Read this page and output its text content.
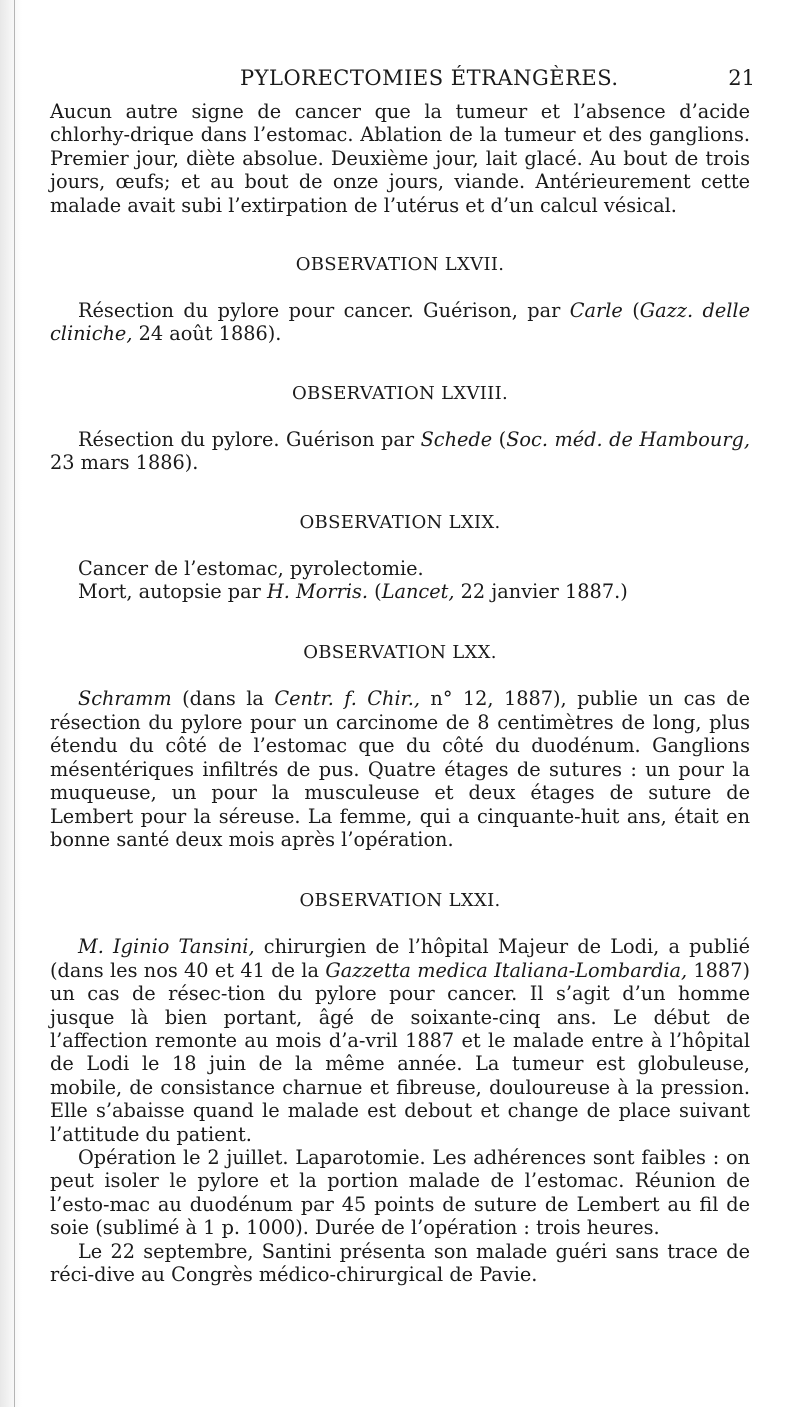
PYLORECTOMIES ÉTRANGÈRES.	21

Aucun autre signe de cancer que la tumeur et l’absence d’acide chlorhy-drique dans l’estomac. Ablation de la tumeur et des ganglions. Premier jour, diète absolue. Deuxième jour, lait glacé. Au bout de trois jours, œufs; et au bout de onze jours, viande. Antérieurement cette malade avait subi l’extirpation de l’utérus et d’un calcul vésical.

OBSERVATION LXVII.

Résection du pylore pour cancer. Guérison, par Carle (Gazz. delle cliniche, 24 août 1886).

OBSERVATION LXVIII.

Résection du pylore. Guérison par Schede (Soc. méd. de Hambourg, 23 mars 1886).

OBSERVATION LXIX.

Cancer de l’estomac, pyrolectomie.

Mort, autopsie par H. Morris. (Lancet, 22 janvier 1887.)

OBSERVATION LXX.

Schramm (dans la Centr. f. Chir., n° 12, 1887), publie un cas de résection du pylore pour un carcinome de 8 centimètres de long, plus étendu du côté de l’estomac que du côté du duodénum. Ganglions mésentériques infiltrés de pus. Quatre étages de sutures : un pour la muqueuse, un pour la musculeuse et deux étages de suture de Lembert pour la séreuse. La femme, qui a cinquante-huit ans, était en bonne santé deux mois après l’opération.

OBSERVATION LXXI.

M. Iginio Tansini, chirurgien de l’hôpital Majeur de Lodi, a publié (dans les nos 40 et 41 de la Gazzetta medica Italiana-Lombardia, 1887) un cas de résec-tion du pylore pour cancer. Il s’agit d’un homme jusque là bien portant, âgé de soixante-cinq ans. Le début de l’affection remonte au mois d’a-vril 1887 et le malade entre à l’hôpital de Lodi le 18 juin de la même année. La tumeur est globuleuse, mobile, de consistance charnue et fibreuse, douloureuse à la pression. Elle s’abaisse quand le malade est debout et change de place suivant l’attitude du patient.

Opération le 2 juillet. Laparotomie. Les adhérences sont faibles : on peut isoler le pylore et la portion malade de l’estomac. Réunion de l’esto-mac au duodénum par 45 points de suture de Lembert au fil de soie (sublimé à 1 p. 1000). Durée de l’opération : trois heures.

Le 22 septembre, Santini présenta son malade guéri sans trace de réci-dive au Congrès médico-chirurgical de Pavie.
